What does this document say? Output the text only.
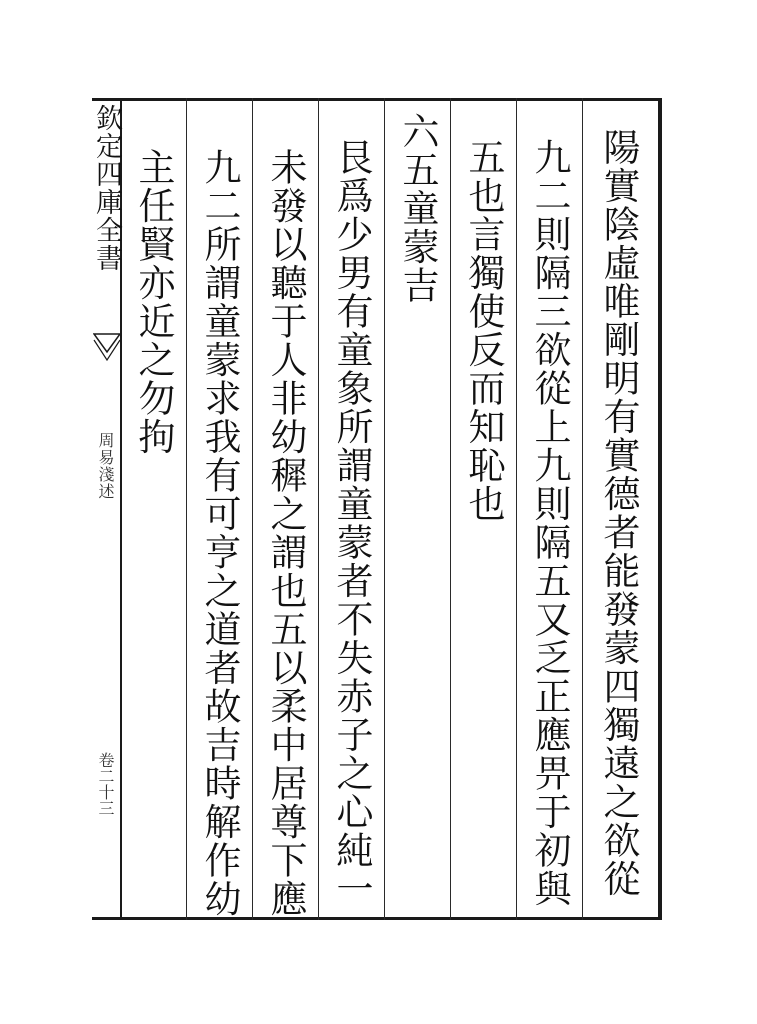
欽定四庫全書
周易淺述
卷二十三	陽實陰虛唯剛明有實德者能發蒙四獨遠之欲從
九二則隔三欲從上九則隔五又乏正應畀于初與
五也言獨使反而知恥也
六五童蒙吉
艮爲少男有童象所謂童蒙者不失赤子之心純一
未發以聽于人非幼穉之謂也五以柔中居尊下應
九二所謂童蒙求我有可亨之道者故吉時解作幼
主任賢亦近之勿拘
